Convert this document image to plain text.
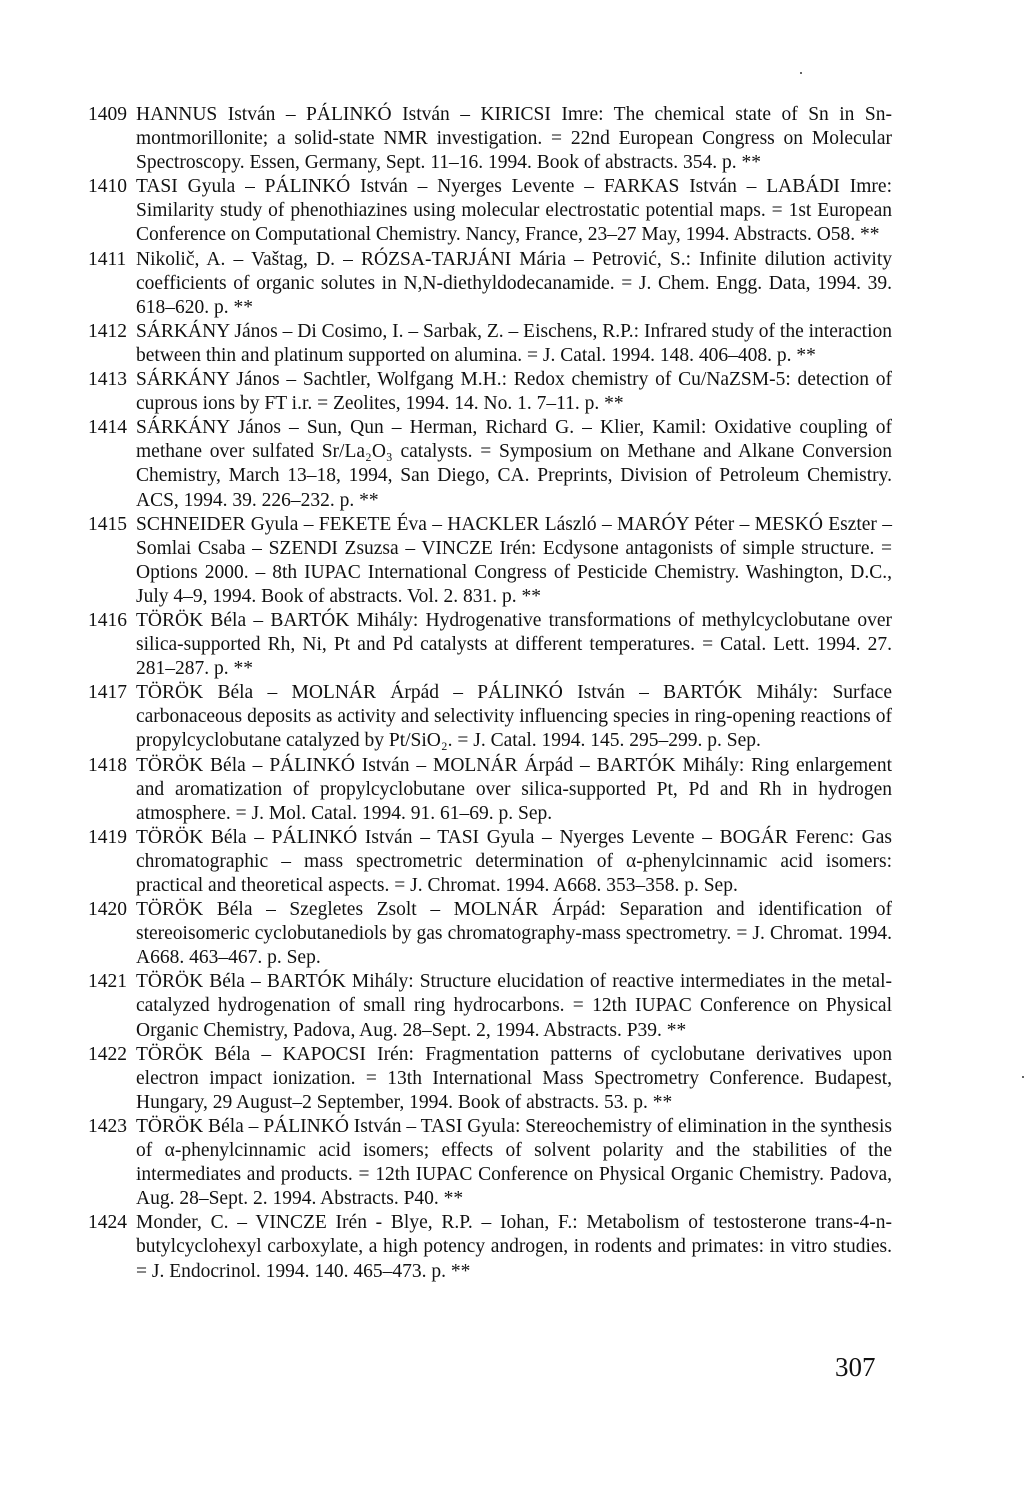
1409 HANNUS István – PÁLINKÓ István – KIRICSI Imre: The chemical state of Sn in Sn-montmorillonite; a solid-state NMR investigation. = 22nd European Congress on Molecular Spectroscopy. Essen, Germany, Sept. 11–16. 1994. Book of abstracts. 354. p. **

1410 TASI Gyula – PÁLINKÓ István – Nyerges Levente – FARKAS István – LABÁDI Imre: Similarity study of phenothiazines using molecular electrostatic potential maps. = 1st European Conference on Computational Chemistry. Nancy, France, 23–27 May, 1994. Abstracts. O58. **

1411 Nikolič, A. – Vaštag, D. – RÓZSA-TARJÁNI Mária – Petrović, S.: Infinite dilution activity coefficients of organic solutes in N,N-diethyldodecanamide. = J. Chem. Engg. Data, 1994. 39. 618–620. p. **

1412 SÁRKÁNY János – Di Cosimo, I. – Sarbak, Z. – Eischens, R.P.: Infrared study of the interaction between thin and platinum supported on alumina. = J. Catal. 1994. 148. 406–408. p. **

1413 SÁRKÁNY János – Sachtler, Wolfgang M.H.: Redox chemistry of Cu/NaZSM-5: detection of cuprous ions by FT i.r. = Zeolites, 1994. 14. No. 1. 7–11. p. **

1414 SÁRKÁNY János – Sun, Qun – Herman, Richard G. – Klier, Kamil: Oxidative coupling of methane over sulfated Sr/La₂O₃ catalysts. = Symposium on Methane and Alkane Conversion Chemistry, March 13–18, 1994, San Diego, CA. Preprints, Division of Petroleum Chemistry. ACS, 1994. 39. 226–232. p. **

1415 SCHNEIDER Gyula – FEKETE Éva – HACKLER László – MARÓY Péter – MESKÓ Eszter – Somlai Csaba – SZENDI Zsuzsa – VINCZE Irén: Ecdysone antagonists of simple structure. = Options 2000. – 8th IUPAC International Congress of Pesticide Chemistry. Washington, D.C., July 4–9, 1994. Book of abstracts. Vol. 2. 831. p. **

1416 TÖRÖK Béla – BARTÓK Mihály: Hydrogenative transformations of methylcyclobutane over silica-supported Rh, Ni, Pt and Pd catalysts at different temperatures. = Catal. Lett. 1994. 27. 281–287. p. **

1417 TÖRÖK Béla – MOLNÁR Árpád – PÁLINKÓ István – BARTÓK Mihály: Surface carbonaceous deposits as activity and selectivity influencing species in ring-opening reactions of propylcyclobutane catalyzed by Pt/SiO₂. = J. Catal. 1994. 145. 295–299. p. Sep.

1418 TÖRÖK Béla – PÁLINKÓ István – MOLNÁR Árpád – BARTÓK Mihály: Ring enlargement and aromatization of propylcyclobutane over silica-supported Pt, Pd and Rh in hydrogen atmosphere. = J. Mol. Catal. 1994. 91. 61–69. p. Sep.

1419 TÖRÖK Béla – PÁLINKÓ István – TASI Gyula – Nyerges Levente – BOGÁR Ferenc: Gas chromatographic – mass spectrometric determination of α-phenylcinnamic acid isomers: practical and theoretical aspects. = J. Chromat. 1994. A668. 353–358. p. Sep.

1420 TÖRÖK Béla – Szegletes Zsolt – MOLNÁR Árpád: Separation and identification of stereoisomeric cyclobutanediols by gas chromatography-mass spectrometry. = J. Chromat. 1994. A668. 463–467. p. Sep.

1421 TÖRÖK Béla – BARTÓK Mihály: Structure elucidation of reactive intermediates in the metal-catalyzed hydrogenation of small ring hydrocarbons. = 12th IUPAC Conference on Physical Organic Chemistry, Padova, Aug. 28–Sept. 2, 1994. Abstracts. P39. **

1422 TÖRÖK Béla – KAPOCSI Irén: Fragmentation patterns of cyclobutane derivatives upon electron impact ionization. = 13th International Mass Spectrometry Conference. Budapest, Hungary, 29 August–2 September, 1994. Book of abstracts. 53. p. **

1423 TÖRÖK Béla – PÁLINKÓ István – TASI Gyula: Stereochemistry of elimination in the synthesis of α-phenylcinnamic acid isomers; effects of solvent polarity and the stabilities of the intermediates and products. = 12th IUPAC Conference on Physical Organic Chemistry. Padova, Aug. 28–Sept. 2. 1994. Abstracts. P40. **

1424 Monder, C. – VINCZE Irén - Blye, R.P. – Iohan, F.: Metabolism of testosterone trans-4-n-butylcyclohexyl carboxylate, a high potency androgen, in rodents and primates: in vitro studies. = J. Endocrinol. 1994. 140. 465–473. p. **

307
